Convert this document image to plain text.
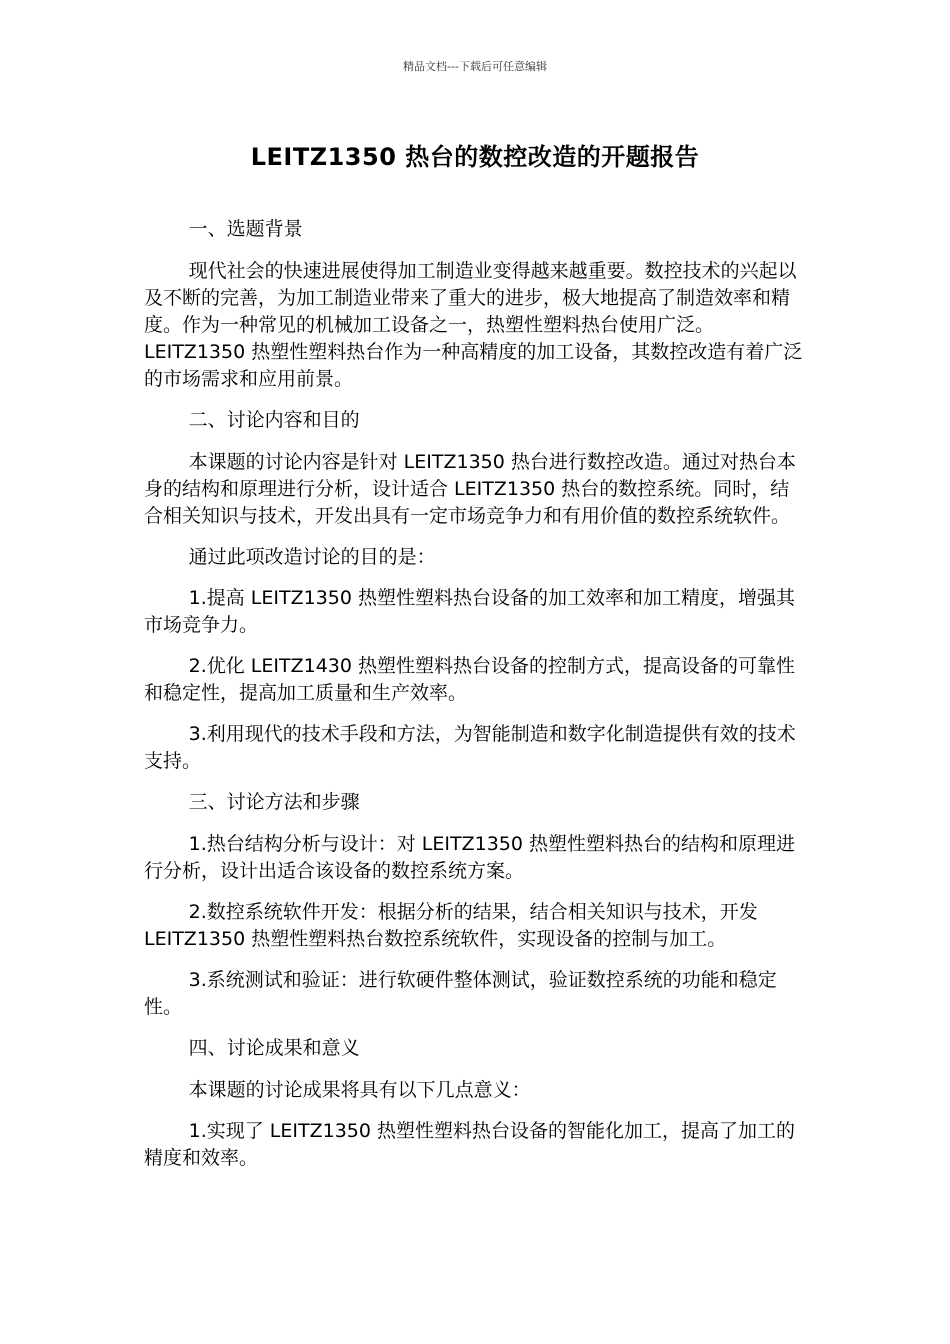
精品文档---下载后可任意编辑
LEITZ1350 热台的数控改造的开题报告

一、选题背景

现代社会的快速进展使得加工制造业变得越来越重要。数控技术的兴起以及不断的完善，为加工制造业带来了重大的进步，极大地提高了制造效率和精度。作为一种常见的机械加工设备之一，热塑性塑料热台使用广泛。LEITZ1350 热塑性塑料热台作为一种高精度的加工设备，其数控改造有着广泛的市场需求和应用前景。

二、讨论内容和目的

本课题的讨论内容是针对 LEITZ1350 热台进行数控改造。通过对热台本身的结构和原理进行分析，设计适合 LEITZ1350 热台的数控系统。同时，结合相关知识与技术，开发出具有一定市场竞争力和有用价值的数控系统软件。

通过此项改造讨论的目的是：

1.提高 LEITZ1350 热塑性塑料热台设备的加工效率和加工精度，增强其市场竞争力。

2.优化 LEITZ1430 热塑性塑料热台设备的控制方式，提高设备的可靠性和稳定性，提高加工质量和生产效率。

3.利用现代的技术手段和方法，为智能制造和数字化制造提供有效的技术支持。

三、讨论方法和步骤

1.热台结构分析与设计：对 LEITZ1350 热塑性塑料热台的结构和原理进行分析，设计出适合该设备的数控系统方案。

2.数控系统软件开发：根据分析的结果，结合相关知识与技术，开发 LEITZ1350 热塑性塑料热台数控系统软件，实现设备的控制与加工。

3.系统测试和验证：进行软硬件整体测试，验证数控系统的功能和稳定性。

四、讨论成果和意义

本课题的讨论成果将具有以下几点意义：

1.实现了 LEITZ1350 热塑性塑料热台设备的智能化加工，提高了加工的精度和效率。
